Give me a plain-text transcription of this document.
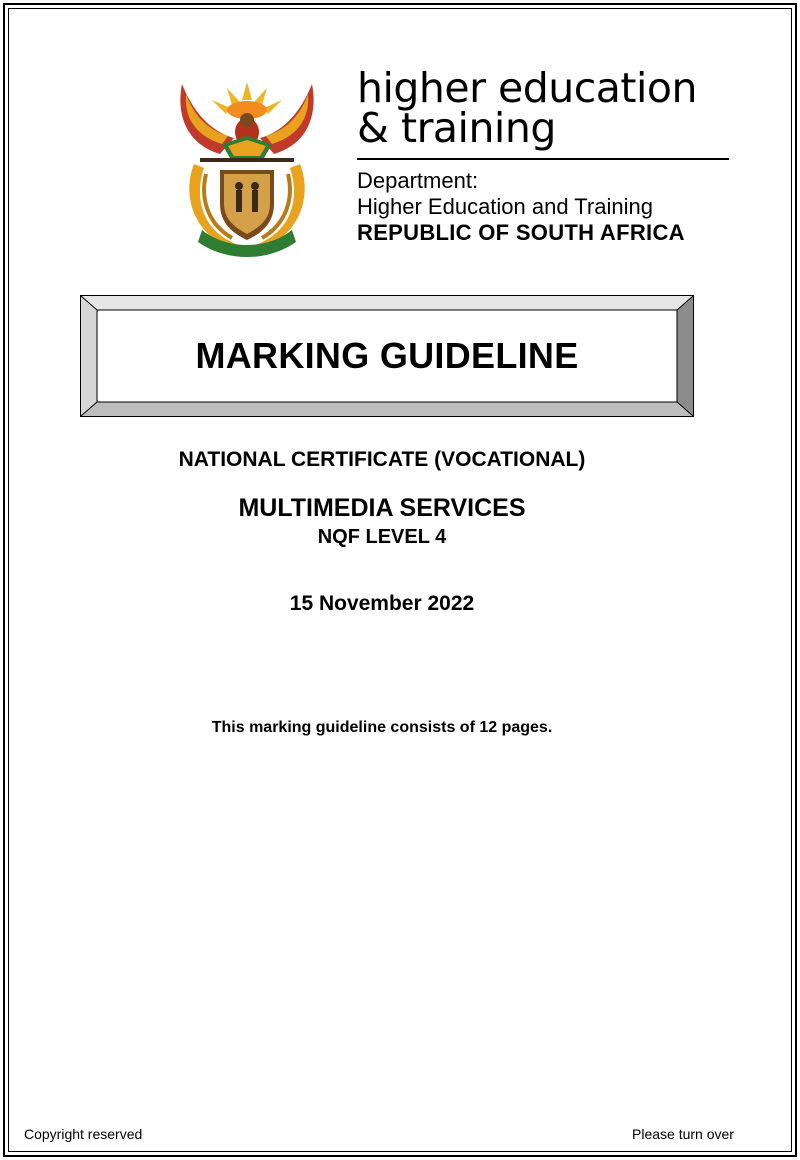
higher education
& training
Department:
Higher Education and Training
REPUBLIC OF SOUTH AFRICA
MARKING GUIDELINE
NATIONAL CERTIFICATE (VOCATIONAL)
MULTIMEDIA SERVICES
NQF LEVEL 4
15 November 2022
This marking guideline consists of 12 pages.
Copyright reserved	Please turn over
